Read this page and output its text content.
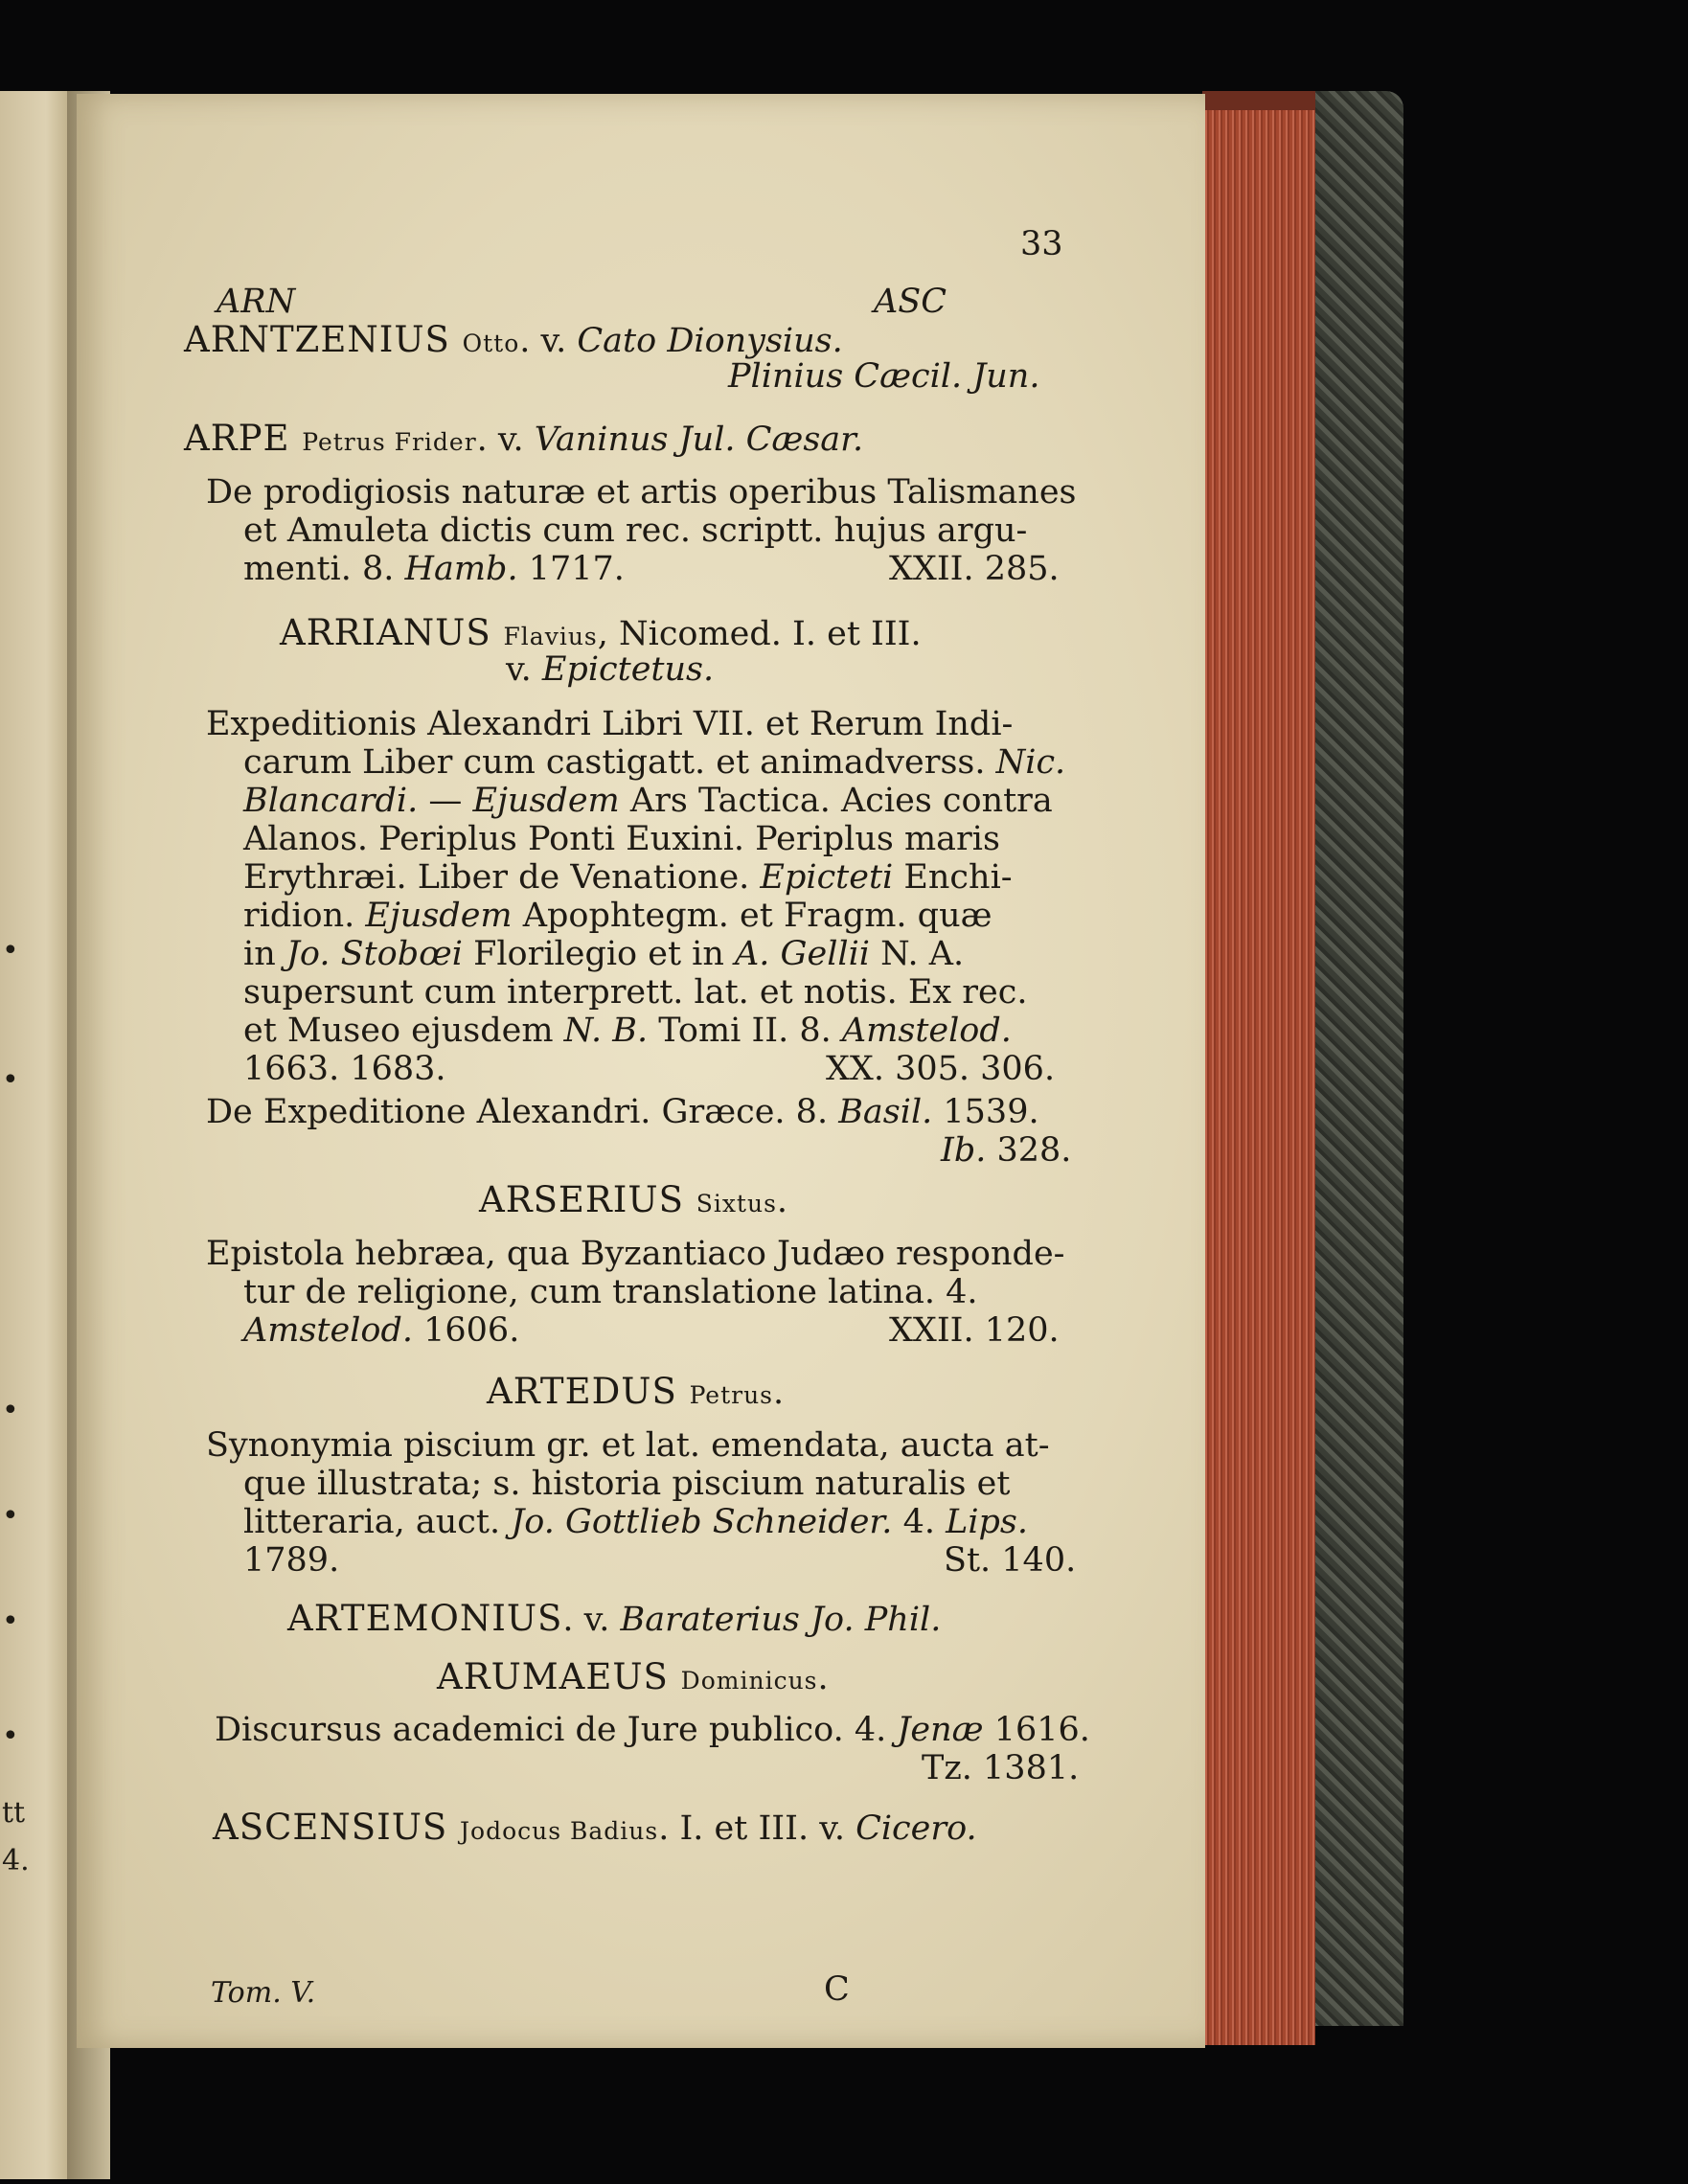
•
•
•
•
•
•
tt
4.
33
ARN	ASC
ARNTZENIUS Otto. v. Cato Dionysius.
Plinius Cæcil. Jun.
ARPE Petrus Frider. v. Vaninus Jul. Cæsar.
De prodigiosis naturæ et artis operibus Talismanes
et Amuleta dictis cum rec. scriptt. hujus argu-
menti. 8. Hamb. 1717.	XXII. 285.
ARRIANUS Flavius, Nicomed. I. et III.
v. Epictetus.
Expeditionis Alexandri Libri VII. et Rerum Indi-
carum Liber cum castigatt. et animadverss. Nic.
Blancardi. — Ejusdem Ars Tactica. Acies contra
Alanos. Periplus Ponti Euxini. Periplus maris
Erythræi. Liber de Venatione. Epicteti Enchi-
ridion. Ejusdem Apophtegm. et Fragm. quæ
in Jo. Stobœi Florilegio et in A. Gellii N. A.
supersunt cum interprett. lat. et notis. Ex rec.
et Museo ejusdem N. B. Tomi II. 8. Amstelod.
1663. 1683.	XX. 305. 306.
De Expeditione Alexandri. Græce. 8. Basil. 1539.
Ib. 328.
ARSERIUS Sixtus.
Epistola hebræa, qua Byzantiaco Judæo responde-
tur de religione, cum translatione latina. 4.
Amstelod. 1606.	XXII. 120.
ARTEDUS Petrus.
Synonymia piscium gr. et lat. emendata, aucta at-
que illustrata; s. historia piscium naturalis et
litteraria, auct. Jo. Gottlieb Schneider. 4. Lips.
1789.	St. 140.
ARTEMONIUS. v. Baraterius Jo. Phil.
ARUMAEUS Dominicus.
Discursus academici de Jure publico. 4. Jenæ 1616.
Tz. 1381.
ASCENSIUS Jodocus Badius. I. et III. v. Cicero.
Tom. V.	C
